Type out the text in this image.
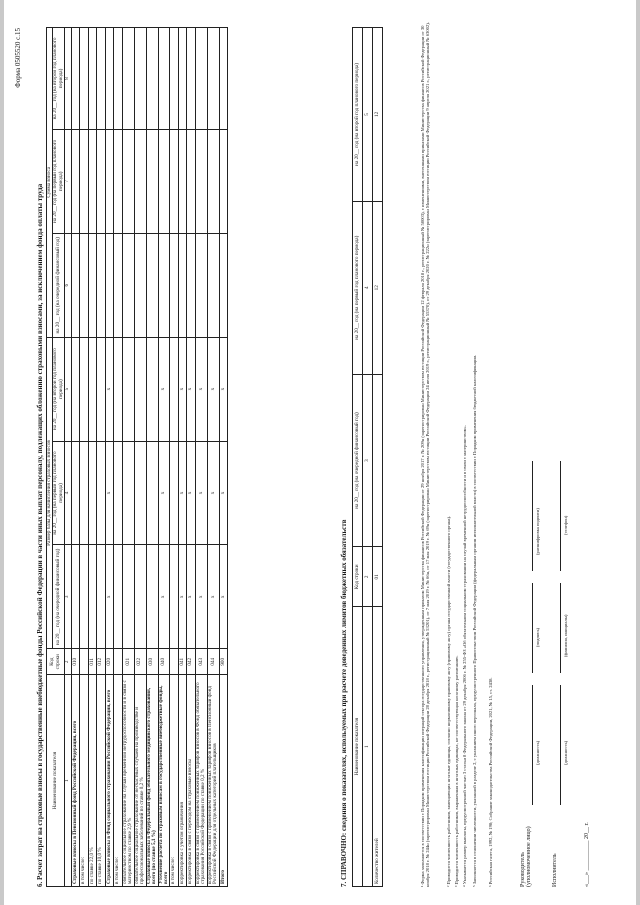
Форма 0505520 с.15
6. Расчет затрат на страховые взносы в государственные внебюджетные фонды Российской Федерации в части иных выплат персоналу, подлежащих обложению страховыми взносами, за исключением фонда оплаты труда Наименование показателя	Код строки	Размер базы для начисления страховых взносов			Сумма взноса		
		на 20__ год (на очередной финансовый год)	на 20__ год (на первый год планового периода)	на 20__ год (на второй год планового периода)	на 20__ год (на очередной финансовый год)	на 20__ год (на первый год планового периода)	на 20__ год (на второй год планового периода)
1	2	3	4	5	6	7	8
Страховые взносы в Пенсионный фонд Российской Федерации, всего	010						
в том числе:							
по ставке 22,0 %	011						
по ставке 10,0 %	012						
Страховые взносы в Фонд социального страхования Российской Федерации, всего	020	x	x	x			
в том числе:							
обязательное социальное страхование на случай временной нетрудоспособности и в связи с материнством по ставке 2,9 %	021						
обязательное социальное страхование от несчастных случаев на производстве и профессиональных заболеваний по ставке 0,2 %	022						
Страховые взносы в Федеральный фонд обязательного медицинского страхования, всего (по ставке 5,1 %)	030						
Уточнение расчета по страховым взносам в государственные внебюджетные фонды, всего	040	x	x	x			
в том числе:							
корректировка с учетом ограничения	041	x	x	x			
корректировка в связи с переходом на страховые взносы	042	x	x	x			
корректировка в связи с применением пониженных тарифов взносов в Фонд обязательного страхования Российской Федерации по ставке 0,2 %	043	x	x	x			
корректировка в связи с применением пониженных тарифов взносов в Пенсионный фонд Российской Федерации для отдельных категорий плательщиков	044	x	x	x			
Итого	900	x	x	x			
7. СПРАВОЧНО: сведения о показателях, используемых при расчете доведенных лимитов бюджетных обязательств Наименование показателя	Код строки	на 20__ год (на очередной финансовый год)	на 20__ год (на первый год планового периода)	на 20__ год (на второй год планового периода)
1	2	3	4	5
Количество жителей	01		12	12	¹ Форма заполняется в соответствии с Порядком применения классификации операций сектора государственного управления, утвержденным приказом Министерства финансов Российской Федерации от 29 ноября 2017 г. № 209н (зарегистрирован Министерством юстиции Российской Федерации 12 февраля 2018 г., регистрационный № 50003), с изменениями, внесенными приказами Министерства финансов Российской Федерации от 30 ноября 2018 г. № 244н (зарегистрирован Министерством юстиции Российской Федерации 28 декабря 2018 г., регистрационный № 53201), от 7 мая 2019 г. № 66н, от 17 мая 2019 г. № 69н (зарегистрирован Министерством юстиции Российской Федерации 24 июля 2019 г., регистрационный № 55370), от 29 декабря 2020 г. № 222н (зарегистрирован Министерством юстиции Российской Федерации 9 апреля 2021 г., регистрационный № 63002).	² Приводится численность работников, замещающих штатные единицы, согласно нормативному правовому акту (правовому акту) органа государственной власти (государственного органа). ³ Приводится численность работников, выраженная в штатных единицах, не соответствующая штатному расписанию. ⁴ Указывается размер выплаты, предусмотренной частью 3 статьи 8 Федерального закона от 29 декабря 2006 г. № 255-ФЗ «Об обязательном социальном страховании на случай временной нетрудоспособности и в связи с материнством». ⁵ Заполняется в отношении численности, указанной в разделе 2, с указанием иного персонала, предусмотренного Правительством Российской Федерации (федеральным органом исполнительной власти) в соответствии с Порядком применения бюджетной классификации. ⁶ Российская газета, 1992, № 198; Собрание законодательства Российской Федерации, 2021, № 15, ст. 2438.	Руководитель (уполномоченное лицо)
(должность)
(подпись)
(расшифровка подписи)
Исполнитель
(должность)
(фамилия, инициалы)
(телефон)
«___» __________ 20__ г.
